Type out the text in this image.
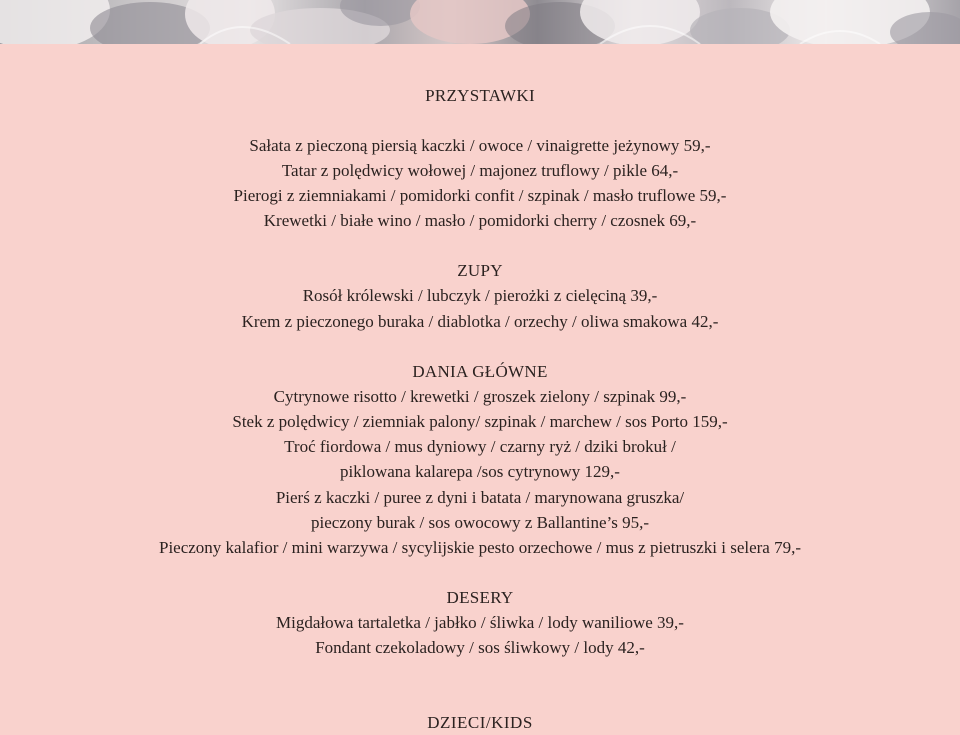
PRZYSTAWKI
Sałata z pieczoną piersią kaczki / owoce / vinaigrette jeżynowy 59,-
Tatar z polędwicy wołowej / majonez truflowy / pikle 64,-
Pierogi z ziemniakami / pomidorki confit / szpinak / masło truflowe 59,-
Krewetki / białe wino / masło / pomidorki cherry / czosnek 69,-
ZUPY
Rosół królewski / lubczyk / pierożki z cielęciną 39,-
Krem z pieczonego buraka / diablotka / orzechy / oliwa smakowa 42,-
DANIA GŁÓWNE
Cytrynowe risotto / krewetki / groszek zielony / szpinak 99,-
Stek z polędwicy / ziemniak palony/ szpinak / marchew / sos Porto 159,-
Troć fiordowa / mus dyniowy / czarny ryż / dziki brokuł /
piklowana kalarepa /sos cytrynowy 129,-
Pierś z kaczki / puree z dyni i batata / marynowana gruszka/
pieczony burak / sos owocowy z Ballantine’s 95,-
Pieczony kalafior / mini warzywa / sycylijskie pesto orzechowe / mus z pietruszki i selera 79,-
DESERY
Migdałowa tartaletka / jabłko / śliwka / lody waniliowe 39,-
Fondant czekoladowy / sos śliwkowy / lody 42,-
DZIECI/KIDS
